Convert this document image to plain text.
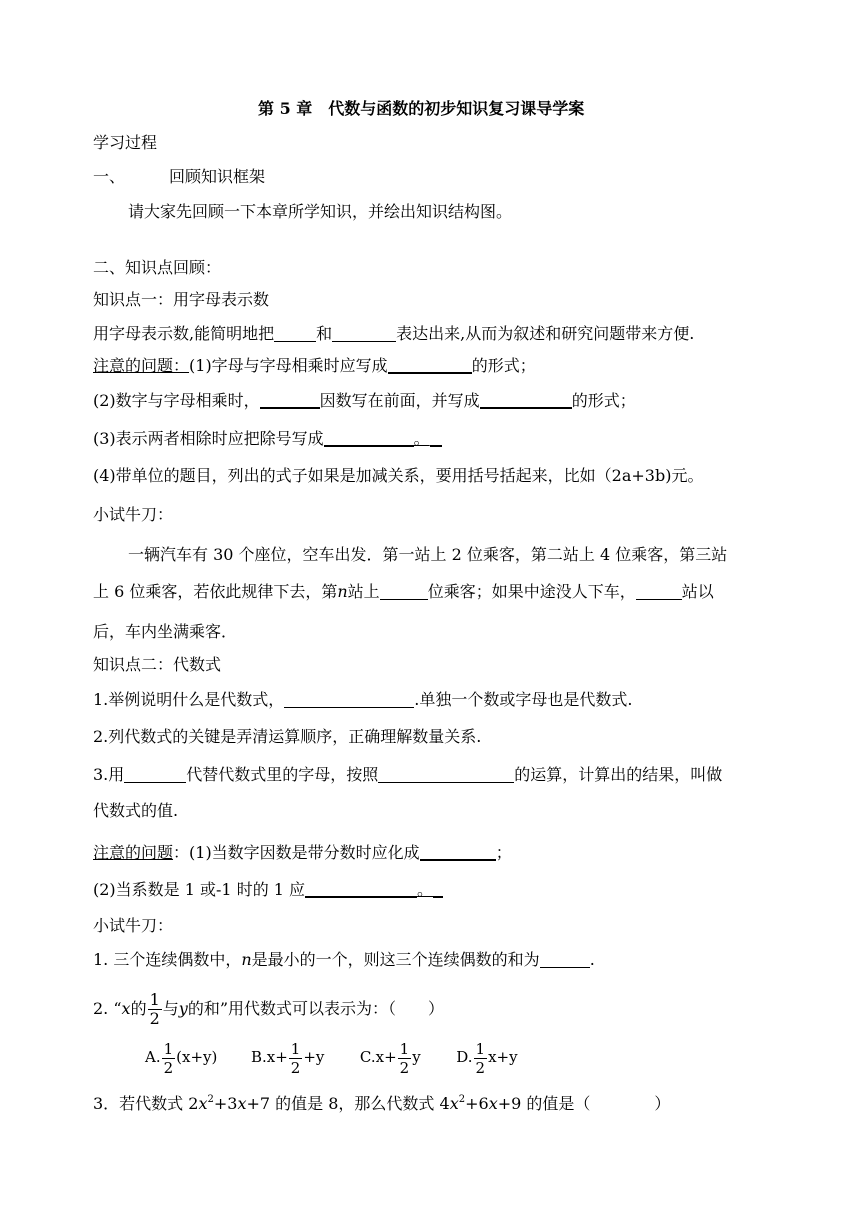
第 5 章　代数与函数的初步知识复习课导学案
学习过程
一、	回顾知识框架
请大家先回顾一下本章所学知识，并绘出知识结构图。
二、知识点回顾：
知识点一：用字母表示数
用字母表示数,能简明地把	和	表达出来,从而为叙述和研究问题带来方便.
注意的问题：(1)字母与字母相乘时应写成	的形式；
(2)数字与字母相乘时，	因数写在前面，并写成	的形式；
(3)表示两者相除时应把除号写成	。
(4)带单位的题目，列出的式子如果是加减关系，要用括号括起来，比如（2a+3b)元。
小试牛刀：
一辆汽车有 30 个座位，空车出发．第一站上 2 位乘客，第二站上 4 位乘客，第三站
上 6 位乘客，若依此规律下去，第n站上	位乘客；如果中途没人下车，	站以
后，车内坐满乘客．
知识点二：代数式
1.举例说明什么是代数式，	.单独一个数或字母也是代数式.
2.列代数式的关键是弄清运算顺序，正确理解数量关系.
3.用	代替代数式里的字母，按照	的运算，计算出的结果，叫做
代数式的值.
注意的问题：(1)当数字因数是带分数时应化成	；
(2)当系数是 1 或-1 时的 1 应	。
小试牛刀：
1. 三个连续偶数中，n是最小的一个，则这三个连续偶数的和为	.
2. “x的 $\frac{1}{2}$ 与y的和”用代数式可以表示为：（　　）
A. $\frac{1}{2} (x+y)$ $B.x+ \frac{1}{2} +y$ $C.x+ \frac{1}{2}$ y D. $\frac{1}{2} x+y$
3．若代数式 $2x^2+3x+7$ 的值是 8，那么代数式 $4x^2+6x+9$ 的值是（　　　　）
